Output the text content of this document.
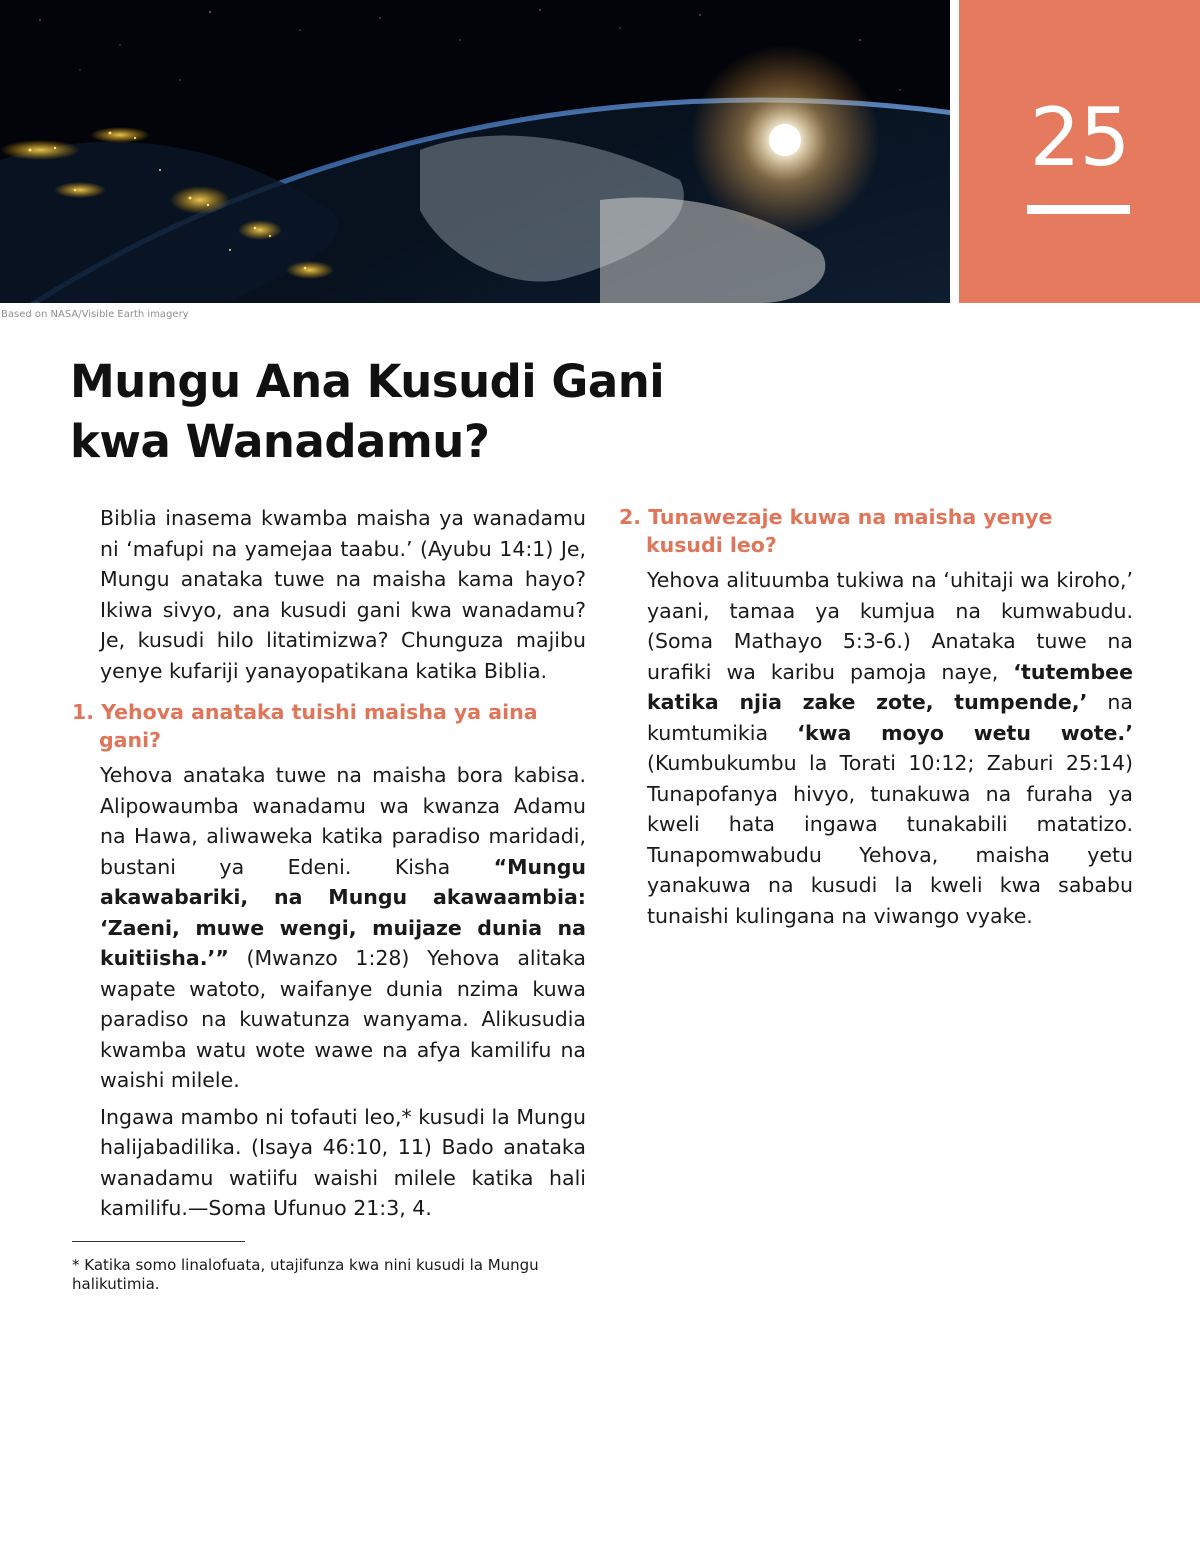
25
Based on NASA/Visible Earth imagery
Mungu Ana Kusudi Gani
kwa Wanadamu?

Biblia inasema kwamba maisha ya wanadamu ni ‘mafupi na yamejaa taabu.’ (Ayubu 14:1) Je, Mungu anataka tuwe na maisha kama hayo? Ikiwa sivyo, ana kusudi gani kwa wanadamu? Je, kusudi hilo litatimizwa? Chunguza majibu yenye kufariji yanayopatikana katika Biblia.

1. Yehova anataka tuishi maisha ya aina gani?

Yehova anataka tuwe na maisha bora kabisa. Alipowaumba wanadamu wa kwanza Adamu na Hawa, aliwaweka katika paradiso maridadi, bustani ya Edeni. Kisha “Mungu akawabariki, na Mungu akawaambia: ‘Zaeni, muwe wengi, muijaze dunia na kuitiisha.’” (Mwanzo 1:28) Yehova alitaka wapate watoto, waifanye dunia nzima kuwa paradiso na kuwatunza wanyama. Alikusudia kwamba watu wote wawe na afya kamilifu na waishi milele.

Ingawa mambo ni tofauti leo,* kusudi la Mungu halijabadilika. (Isaya 46:10, 11) Bado anataka wanadamu watiifu waishi milele katika hali kamilifu.—Soma Ufunuo 21:3, 4.

* Katika somo linalofuata, utajifunza kwa nini kusudi la Mungu halikutimia.

2. Tunawezaje kuwa na maisha yenye kusudi leo?

Yehova alituumba tukiwa na ‘uhitaji wa kiroho,’ yaani, tamaa ya kumjua na kumwabudu. (Soma Mathayo 5:3-6.) Anataka tuwe na urafiki wa karibu pamoja naye, ‘tutembee katika njia zake zote, tumpende,’ na kumtumikia ‘kwa moyo wetu wote.’ (Kumbukumbu la Torati 10:12; Zaburi 25:14) Tunapofanya hivyo, tunakuwa na furaha ya kweli hata ingawa tunakabili matatizo. Tunapomwabudu Yehova, maisha yetu yanakuwa na kusudi la kweli kwa sababu tunaishi kulingana na viwango vyake.
